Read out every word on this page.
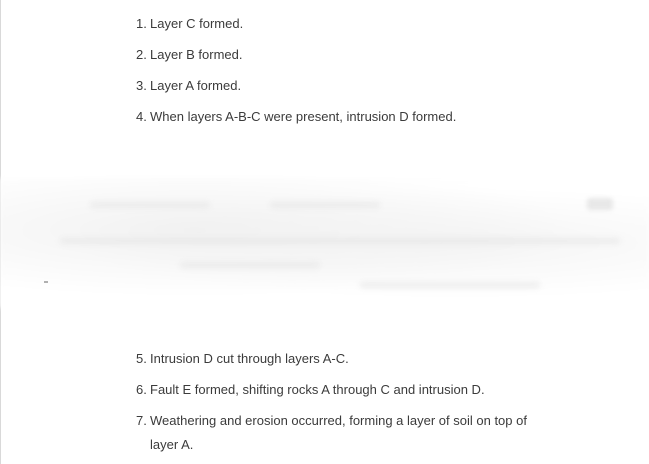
1. Layer C formed.
2. Layer B formed.
3. Layer A formed.
4. When layers A-B-C were present, intrusion D formed.
5. Intrusion D cut through layers A-C.
6. Fault E formed, shifting rocks A through C and intrusion D.
7. Weathering and erosion occurred, forming a layer of soil on top of layer A.
